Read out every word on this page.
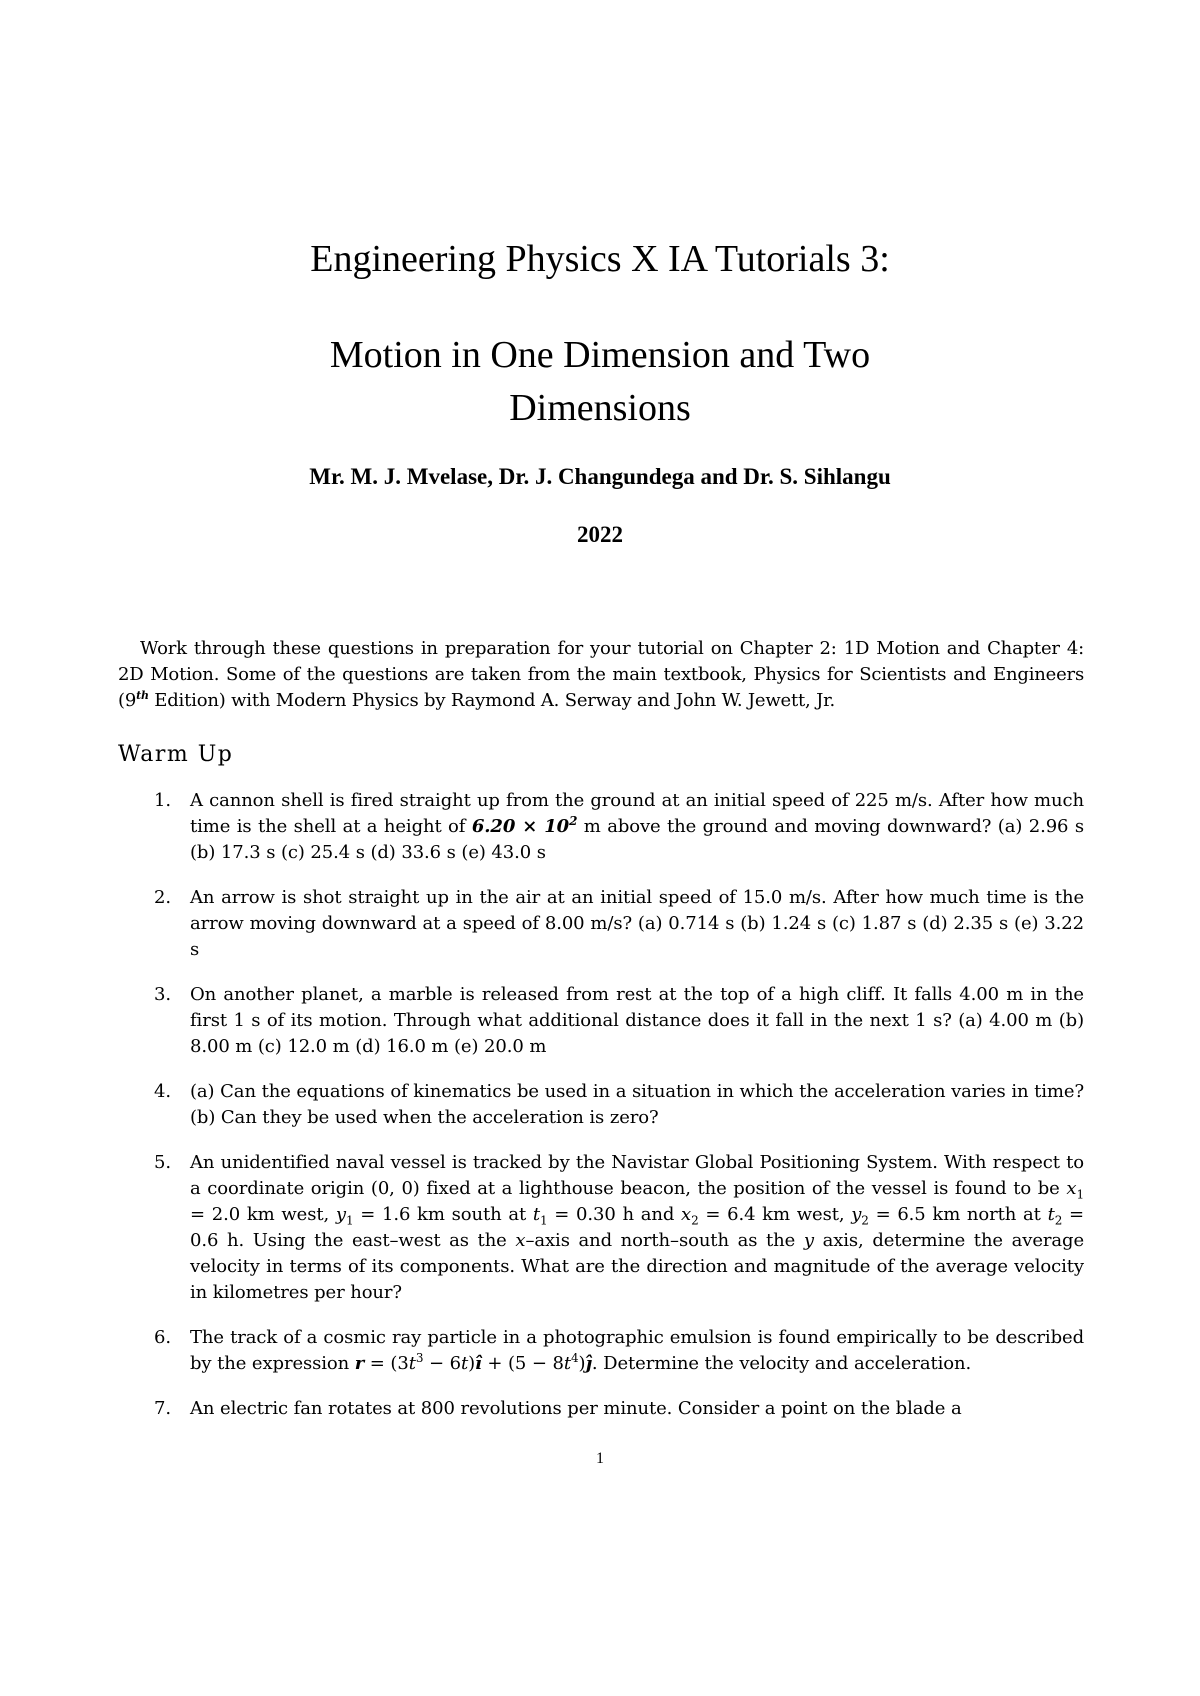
Engineering Physics X IA Tutorials 3:
Motion in One Dimension and Two
Dimensions
Mr. M. J. Mvelase, Dr. J. Changundega and Dr. S. Sihlangu
2022

Work through these questions in preparation for your tutorial on Chapter 2: 1D Motion and Chapter 4: 2D Motion. Some of the questions are taken from the main textbook, Physics for Scientists and Engineers (9th Edition) with Modern Physics by Raymond A. Serway and John W. Jewett, Jr.

Warm Up
1. A cannon shell is fired straight up from the ground at an initial speed of 225 m/s. After how much time is the shell at a height of $6.20 \times 10^2$ m above the ground and moving downward? (a) 2.96 s (b) 17.3 s (c) 25.4 s (d) 33.6 s (e) 43.0 s
2. An arrow is shot straight up in the air at an initial speed of 15.0 m/s. After how much time is the arrow moving downward at a speed of 8.00 m/s? (a) 0.714 s (b) 1.24 s (c) 1.87 s (d) 2.35 s (e) 3.22 s
3. On another planet, a marble is released from rest at the top of a high cliff. It falls 4.00 m in the first 1 s of its motion. Through what additional distance does it fall in the next 1 s? (a) 4.00 m (b) 8.00 m (c) 12.0 m (d) 16.0 m (e) 20.0 m
4. (a) Can the equations of kinematics be used in a situation in which the acceleration varies in time? (b) Can they be used when the acceleration is zero?
5. An unidentified naval vessel is tracked by the Navistar Global Positioning System. With respect to a coordinate origin (0, 0) fixed at a lighthouse beacon, the position of the vessel is found to be $x_1 = 2.0$ km west, $y_1 = 1.6$ km south at $t_1 = 0.30$ h and $x_2 = 6.4$ km west, $y_2 = 6.5$ km north at $t_2 = 0.6$ h. Using the east–west as the x–axis and north–south as the y axis, determine the average velocity in terms of its components. What are the direction and magnitude of the average velocity in kilometres per hour?
6. The track of a cosmic ray particle in a photographic emulsion is found empirically to be described by the expression $r = (3t^3$ − 6t)î + $(5 - 8t^4)ĵ$. Determine the velocity and acceleration.
7. An electric fan rotates at 800 revolutions per minute. Consider a point on the blade a
1
